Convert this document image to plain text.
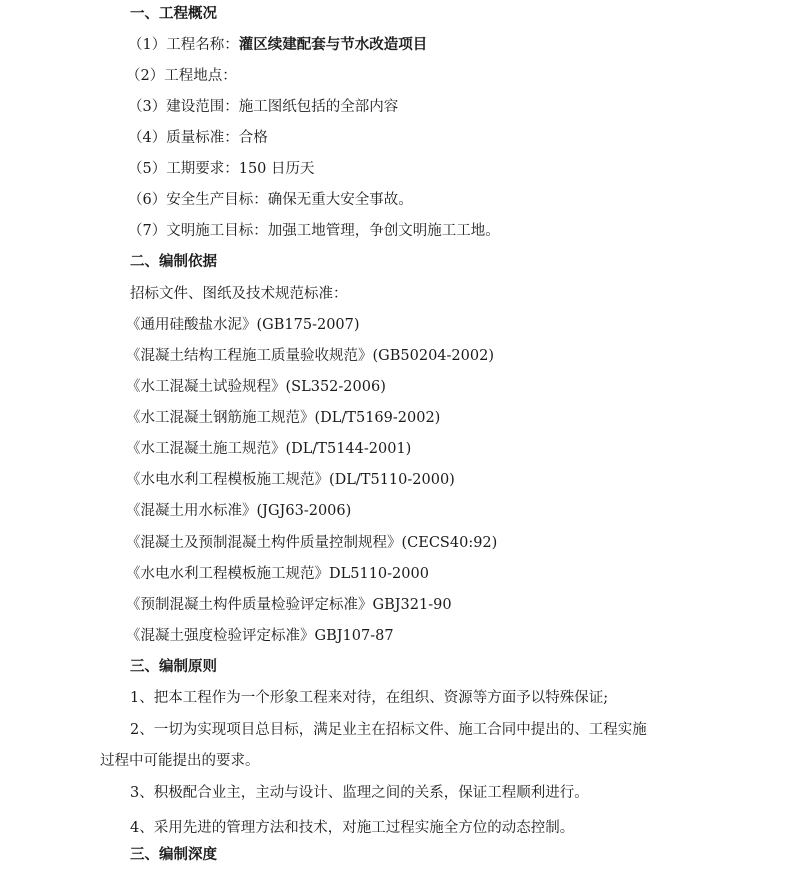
一、工程概况
（1）工程名称：灌区续建配套与节水改造项目
（2）工程地点：
（3）建设范围：施工图纸包括的全部内容
（4）质量标准：合格
（5）工期要求：150 日历天
（6）安全生产目标：确保无重大安全事故。
（7）文明施工目标：加强工地管理，争创文明施工工地。
二、编制依据
招标文件、图纸及技术规范标准：
《通用硅酸盐水泥》(GB175-2007)
《混凝土结构工程施工质量验收规范》(GB50204-2002)
《水工混凝土试验规程》(SL352-2006)
《水工混凝土钢筋施工规范》(DL/T5169-2002)
《水工混凝土施工规范》(DL/T5144-2001)
《水电水利工程模板施工规范》(DL/T5110-2000)
《混凝土用水标准》(JGJ63-2006)
《混凝土及预制混凝土构件质量控制规程》(CECS40:92)
《水电水利工程模板施工规范》DL5110-2000
《预制混凝土构件质量检验评定标准》GBJ321-90
《混凝土强度检验评定标准》GBJ107-87
三、编制原则
1、把本工程作为一个形象工程来对待，在组织、资源等方面予以特殊保证;
2、一切为实现项目总目标，满足业主在招标文件、施工合同中提出的、工程实施
过程中可能提出的要求。
3、积极配合业主，主动与设计、监理之间的关系，保证工程顺利进行。
4、采用先进的管理方法和技术，对施工过程实施全方位的动态控制。
三、编制深度
